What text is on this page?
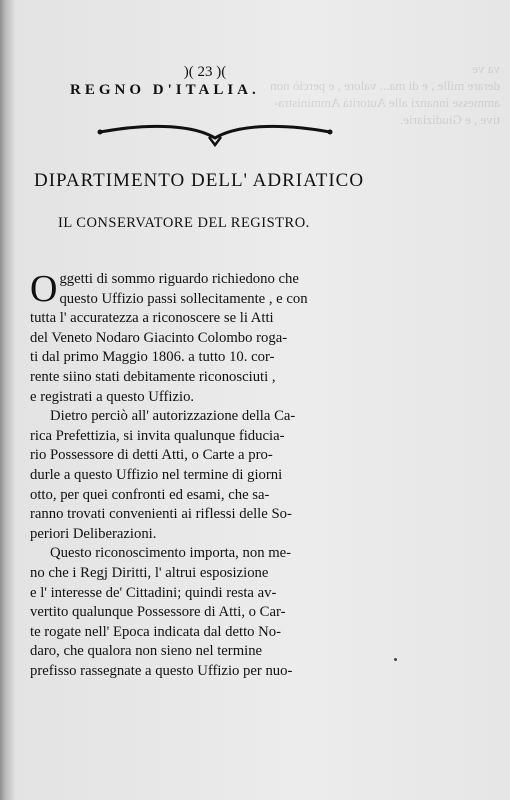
va ve
derare mille , e di ma... valore , e perciò non
ammesse innanzi alle Autorità Amministra-
tive , e Giudiziarie.
)( 23 )(
REGNO D'ITALIA.
DIPARTIMENTO DELL' ADRIATICO
IL CONSERVATORE DEL REGISTRO.
O ggetti di sommo riguardo richiedono che
questo Uffizio passi sollecitamente , e con
tutta l' accuratezza a riconoscere se li Atti
del Veneto Nodaro Giacinto Colombo roga-
ti dal primo Maggio 1806. a tutto 10. cor-
rente siino stati debitamente riconosciuti ,
e registrati a questo Uffizio.
Dietro perciò all' autorizzazione della Ca-
rica Prefettizia, si invita qualunque fiducia-
rio Possessore di detti Atti, o Carte a pro-
durle a questo Uffizio nel termine di giorni
otto, per quei confronti ed esami, che sa-
ranno trovati convenienti ai riflessi delle So-
periori Deliberazioni.
Questo riconoscimento importa, non me-
no che i Regj Diritti, l' altrui esposizione
e l' interesse de' Cittadini; quindi resta av-
vertito qualunque Possessore di Atti, o Car-
te rogate nell' Epoca indicata dal detto No-
daro, che qualora non sieno nel termine
prefisso rassegnate a questo Uffizio per nuo-
